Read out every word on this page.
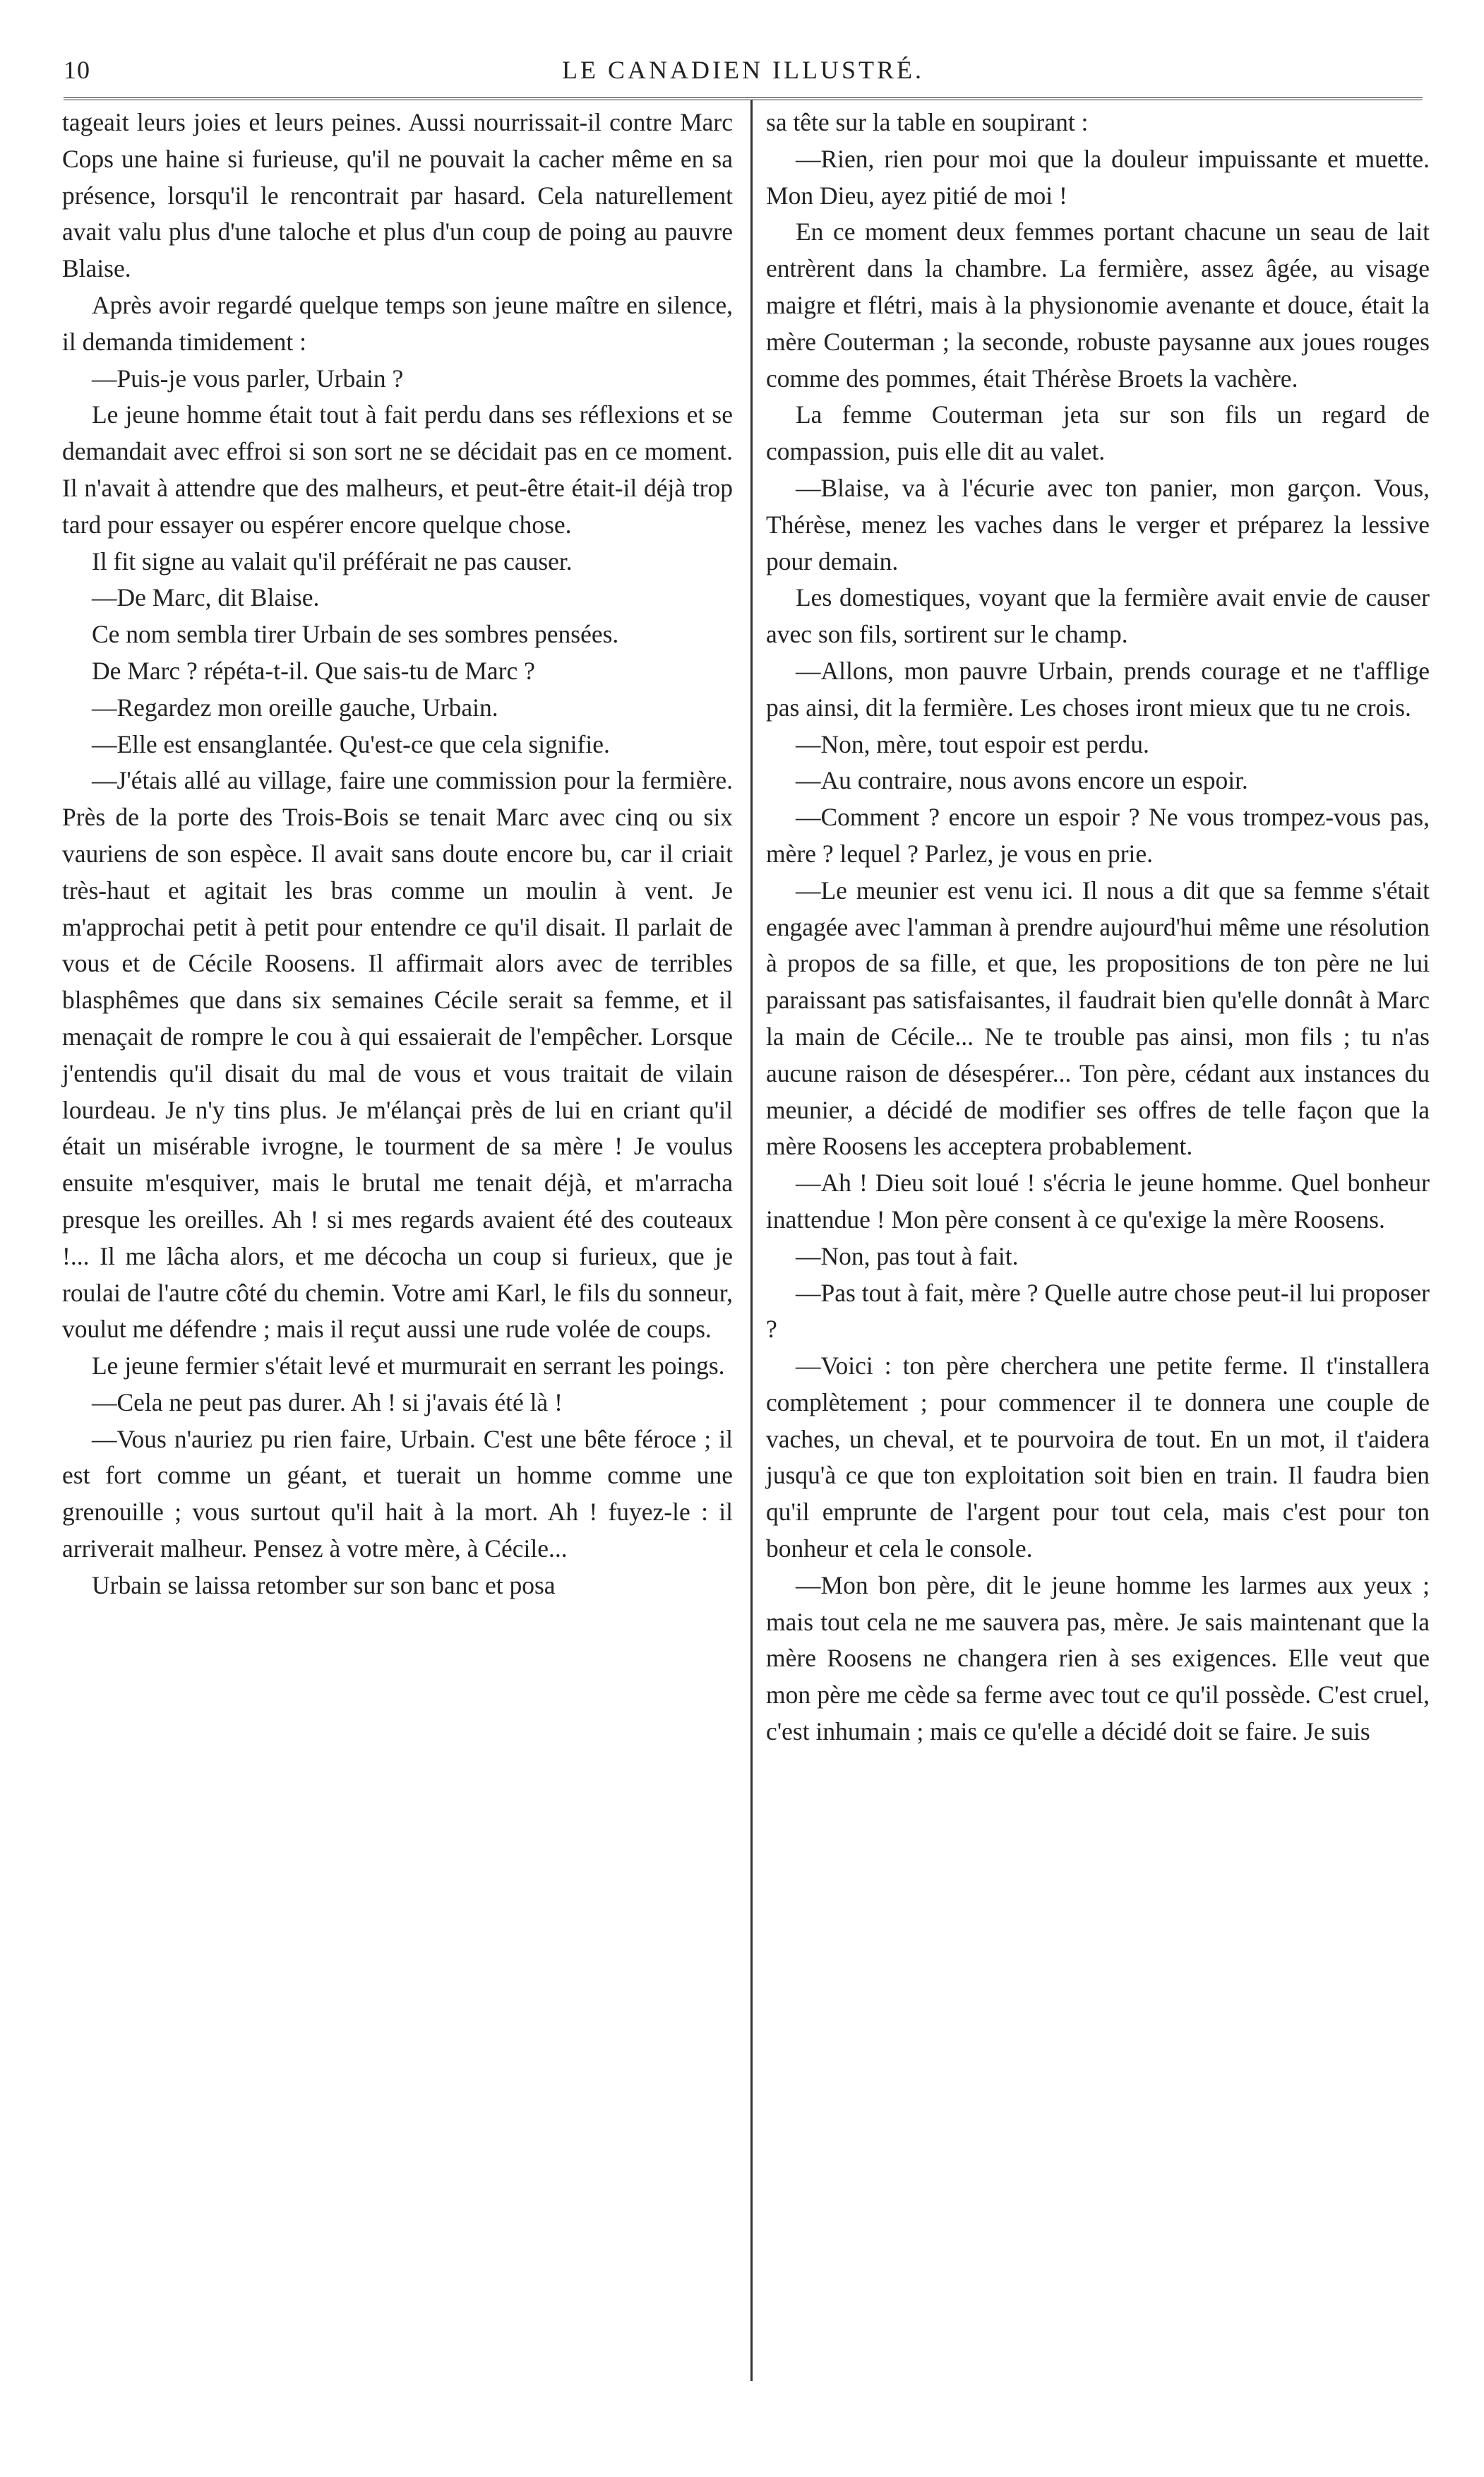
10	LE CANADIEN ILLUSTRÉ.

tageait leurs joies et leurs peines. Aussi nourrissait-il contre Marc Cops une haine si furieuse, qu'il ne pouvait la cacher même en sa présence, lorsqu'il le rencontrait par hasard. Cela naturellement avait valu plus d'une taloche et plus d'un coup de poing au pauvre Blaise.

Après avoir regardé quelque temps son jeune maître en silence, il demanda timidement :

—Puis-je vous parler, Urbain ?

Le jeune homme était tout à fait perdu dans ses réflexions et se demandait avec effroi si son sort ne se décidait pas en ce moment. Il n'avait à attendre que des malheurs, et peut-être était-il déjà trop tard pour essayer ou espérer encore quelque chose.

Il fit signe au valait qu'il préférait ne pas causer.

—De Marc, dit Blaise.

Ce nom sembla tirer Urbain de ses sombres pensées.

De Marc ? répéta-t-il. Que sais-tu de Marc ?

—Regardez mon oreille gauche, Urbain.

—Elle est ensanglantée. Qu'est-ce que cela signifie.

—J'étais allé au village, faire une commission pour la fermière. Près de la porte des Trois-Bois se tenait Marc avec cinq ou six vauriens de son espèce. Il avait sans doute encore bu, car il criait très-haut et agitait les bras comme un moulin à vent. Je m'approchai petit à petit pour entendre ce qu'il disait. Il parlait de vous et de Cécile Roosens. Il affirmait alors avec de terribles blasphêmes que dans six semaines Cécile serait sa femme, et il menaçait de rompre le cou à qui essaierait de l'empêcher. Lorsque j'entendis qu'il disait du mal de vous et vous traitait de vilain lourdeau. Je n'y tins plus. Je m'élançai près de lui en criant qu'il était un misérable ivrogne, le tourment de sa mère ! Je voulus ensuite m'esquiver, mais le brutal me tenait déjà, et m'arracha presque les oreilles. Ah ! si mes regards avaient été des couteaux !... Il me lâcha alors, et me décocha un coup si furieux, que je roulai de l'autre côté du chemin. Votre ami Karl, le fils du sonneur, voulut me défendre ; mais il reçut aussi une rude volée de coups.

Le jeune fermier s'était levé et murmurait en serrant les poings.

—Cela ne peut pas durer. Ah ! si j'avais été là !

—Vous n'auriez pu rien faire, Urbain. C'est une bête féroce ; il est fort comme un géant, et tuerait un homme comme une grenouille ; vous surtout qu'il hait à la mort. Ah ! fuyez-le : il arriverait malheur. Pensez à votre mère, à Cécile...

Urbain se laissa retomber sur son banc et posa

sa tête sur la table en soupirant :

—Rien, rien pour moi que la douleur impuissante et muette. Mon Dieu, ayez pitié de moi !

En ce moment deux femmes portant chacune un seau de lait entrèrent dans la chambre. La fermière, assez âgée, au visage maigre et flétri, mais à la physionomie avenante et douce, était la mère Couterman ; la seconde, robuste paysanne aux joues rouges comme des pommes, était Thérèse Broets la vachère.

La femme Couterman jeta sur son fils un regard de compassion, puis elle dit au valet.

—Blaise, va à l'écurie avec ton panier, mon garçon. Vous, Thérèse, menez les vaches dans le verger et préparez la lessive pour demain.

Les domestiques, voyant que la fermière avait envie de causer avec son fils, sortirent sur le champ.

—Allons, mon pauvre Urbain, prends courage et ne t'afflige pas ainsi, dit la fermière. Les choses iront mieux que tu ne crois.

—Non, mère, tout espoir est perdu.

—Au contraire, nous avons encore un espoir.

—Comment ? encore un espoir ? Ne vous trompez-vous pas, mère ? lequel ? Parlez, je vous en prie.

—Le meunier est venu ici. Il nous a dit que sa femme s'était engagée avec l'amman à prendre aujourd'hui même une résolution à propos de sa fille, et que, les propositions de ton père ne lui paraissant pas satisfaisantes, il faudrait bien qu'elle donnât à Marc la main de Cécile... Ne te trouble pas ainsi, mon fils ; tu n'as aucune raison de désespérer... Ton père, cédant aux instances du meunier, a décidé de modifier ses offres de telle façon que la mère Roosens les acceptera probablement.

—Ah ! Dieu soit loué ! s'écria le jeune homme. Quel bonheur inattendue ! Mon père consent à ce qu'exige la mère Roosens.

—Non, pas tout à fait.

—Pas tout à fait, mère ? Quelle autre chose peut-il lui proposer ?

—Voici : ton père cherchera une petite ferme. Il t'installera complètement ; pour commencer il te donnera une couple de vaches, un cheval, et te pourvoira de tout. En un mot, il t'aidera jusqu'à ce que ton exploitation soit bien en train. Il faudra bien qu'il emprunte de l'argent pour tout cela, mais c'est pour ton bonheur et cela le console.

—Mon bon père, dit le jeune homme les larmes aux yeux ; mais tout cela ne me sauvera pas, mère. Je sais maintenant que la mère Roosens ne changera rien à ses exigences. Elle veut que mon père me cède sa ferme avec tout ce qu'il possède. C'est cruel, c'est inhumain ; mais ce qu'elle a décidé doit se faire. Je suis
